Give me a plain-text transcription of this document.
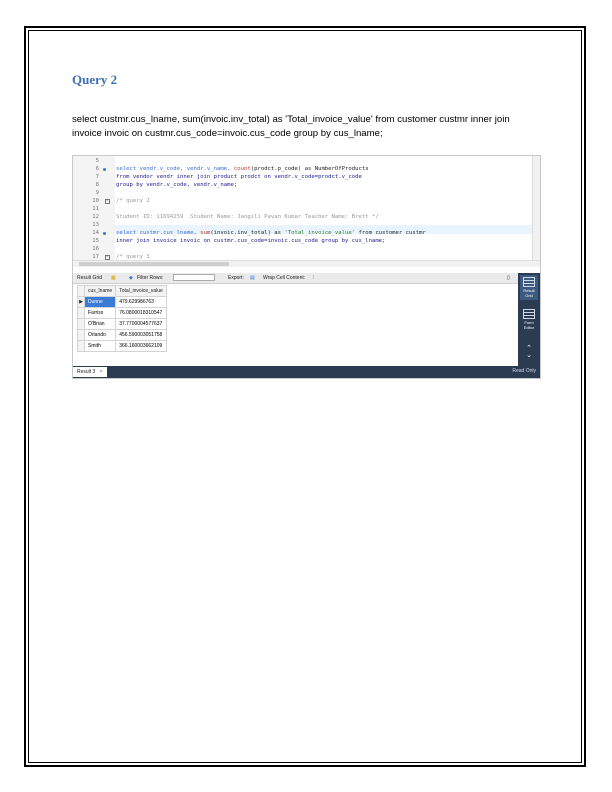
Query 2
select custmr.cus_lname, sum(invoic.inv_total) as 'Total_invoice_value' from customer custmr inner join invoice invoic on custmr.cus_code=invoic.cus_code group by cus_lname;
5
6
7
8
9
10
11
12
13
14
15
16
17
-
-
select vendr.v_code, vendr.v_name, count(prodct.p_code) as NumberOfProducts
from vendor vendr inner join product prodct on vendr.v_code=prodct.v_code
group by vendr.v_code, vendr.v_name;
/* query 2
Student ID: 11694259  Student Name: Jangili Pavan Kumar Teacher Name: Brett */
select custmr.cus_lname, sum(invoic.inv_total) as 'Total_invoice_value' from customer custmr
inner join invoice invoic on custmr.cus_code=invoic.cus_code group by cus_lname;
/* query 3
Result Grid ▦	◆ Filter Rows:	Export: ▤ Wrap Cell Content: ⫶	▯
	cus_lname	Total_invoice_value
▶	Dunne	479.629986763
	Farriss	76.0800018310547
	O'Brian	37.7700004577637
	Orlando	456.590003051758
	Smith	366.160003662109
Result Grid
Form Editor
⌃
⌄
Result 3 ×	Read Only
